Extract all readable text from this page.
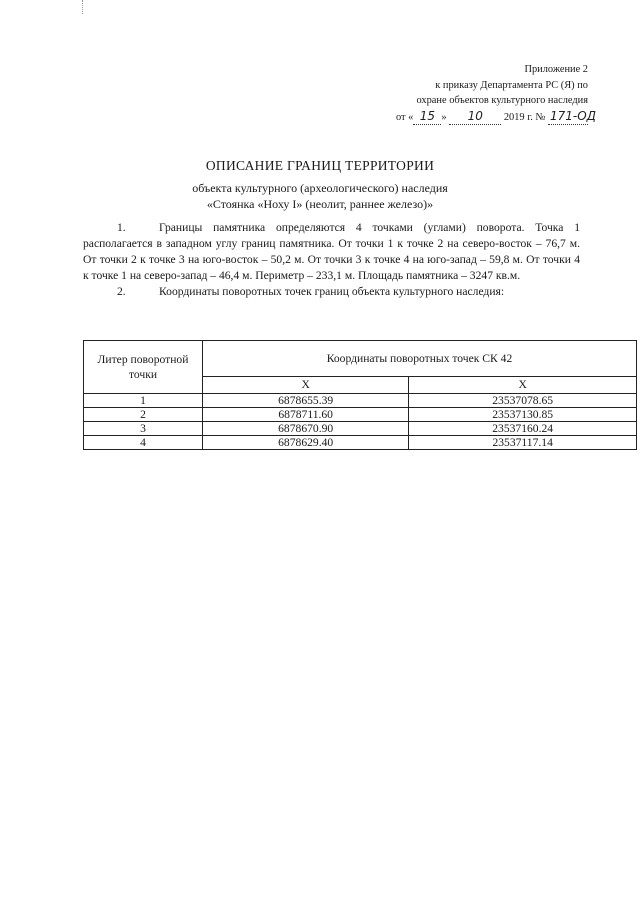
Приложение 2
к приказу Департамента РС (Я) по
охране объектов культурного наследия
от « 15 » 10 2019 г. № 171-ОД
ОПИСАНИЕ ГРАНИЦ ТЕРРИТОРИИ
объекта культурного (археологического) наследия
«Стоянка «Ноху I» (неолит, раннее железо)»

1.	Границы памятника определяются 4 точками (углами) поворота. Точка 1 располагается в западном углу границ памятника. От точки 1 к точке 2 на северо-восток – 76,7 м. От точки 2 к точке 3 на юго-восток – 50,2 м. От точки 3 к точке 4 на юго-запад – 59,8 м. От точки 4 к точке 1 на северо-запад – 46,4 м. Периметр – 233,1 м. Площадь памятника – 3247 кв.м.

2.	Координаты поворотных точек границ объекта культурного наследия:

Литер поворотной точки	Координаты поворотных точек СК 42	
	X	X
1	6878655.39	23537078.65
2	6878711.60	23537130.85
3	6878670.90	23537160.24
4	6878629.40	23537117.14
